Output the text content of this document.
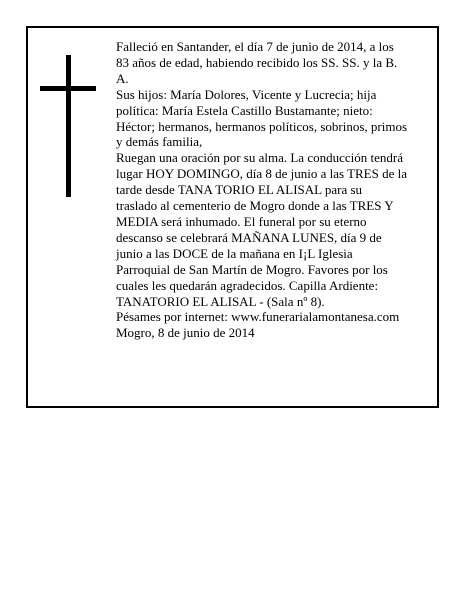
Falleció en Santander, el día 7 de junio de 2014, a los
83 años de edad, habiendo recibido los SS. SS. y la B.
A.
Sus hijos: María Dolores, Vicente y Lucrecia; hija
política: María Estela Castillo Bustamante; nieto:
Héctor; hermanos, hermanos políticos, sobrinos, primos
y demás familia,
Ruegan una oración por su alma. La conducción tendrá
lugar HOY DOMINGO, día 8 de junio a las TRES de la
tarde desde TANA TORIO EL ALISAL para su
traslado al cementerio de Mogro donde a las TRES Y
MEDIA será inhumado. El funeral por su eterno
descanso se celebrará MAÑANA LUNES, día 9 de
junio a las DOCE de la mañana en I¡L Iglesia
Parroquial de San Martín de Mogro. Favores por los
cuales les quedarán agradecidos. Capilla Ardiente:
TANATORIO EL ALISAL - (Sala nº 8).
Pésames por internet: www.funerarialamontanesa.com
Mogro, 8 de junio de 2014
